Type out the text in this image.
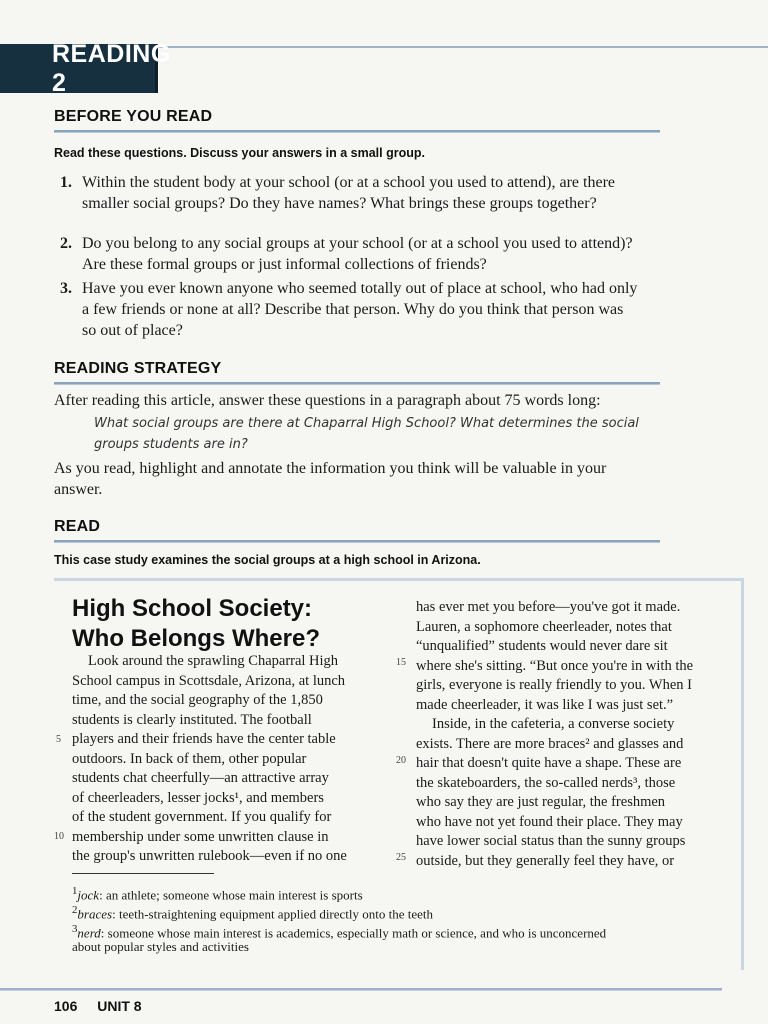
READING 2
BEFORE YOU READ
Read these questions. Discuss your answers in a small group.
1. Within the student body at your school (or at a school you used to attend), are there smaller social groups? Do they have names? What brings these groups together?
2. Do you belong to any social groups at your school (or at a school you used to attend)? Are these formal groups or just informal collections of friends?
3. Have you ever known anyone who seemed totally out of place at school, who had only a few friends or none at all? Describe that person. Why do you think that person was so out of place?
READING STRATEGY
After reading this article, answer these questions in a paragraph about 75 words long:
What social groups are there at Chaparral High School? What determines the social groups students are in?
As you read, highlight and annotate the information you think will be valuable in your answer.
READ
This case study examines the social groups at a high school in Arizona.
High School Society:
Who Belongs Where?
Look around the sprawling Chaparral High
School campus in Scottsdale, Arizona, at lunch
time, and the social geography of the 1,850
students is clearly instituted. The football
players and their friends have the center table
outdoors. In back of them, other popular
students chat cheerfully—an attractive array
of cheerleaders, lesser jocks¹, and members
of the student government. If you qualify for
membership under some unwritten clause in
the group's unwritten rulebook—even if no one
5
10
has ever met you before—you've got it made.
Lauren, a sophomore cheerleader, notes that
“unqualified” students would never dare sit
where she's sitting. “But once you're in with the
girls, everyone is really friendly to you. When I
made cheerleader, it was like I was just set.”
Inside, in the cafeteria, a converse society
exists. There are more braces² and glasses and
hair that doesn't quite have a shape. These are
the skateboarders, the so-called nerds³, those
who say they are just regular, the freshmen
who have not yet found their place. They may
have lower social status than the sunny groups
outside, but they generally feel they have, or
15
20
25
$^1$jock: an athlete; someone whose main interest is sports
$^2$braces: teeth-straightening equipment applied directly onto the teeth
$^3$nerd: someone whose main interest is academics, especially math or science, and who is unconcerned
about popular styles and activities
106 UNIT 8
